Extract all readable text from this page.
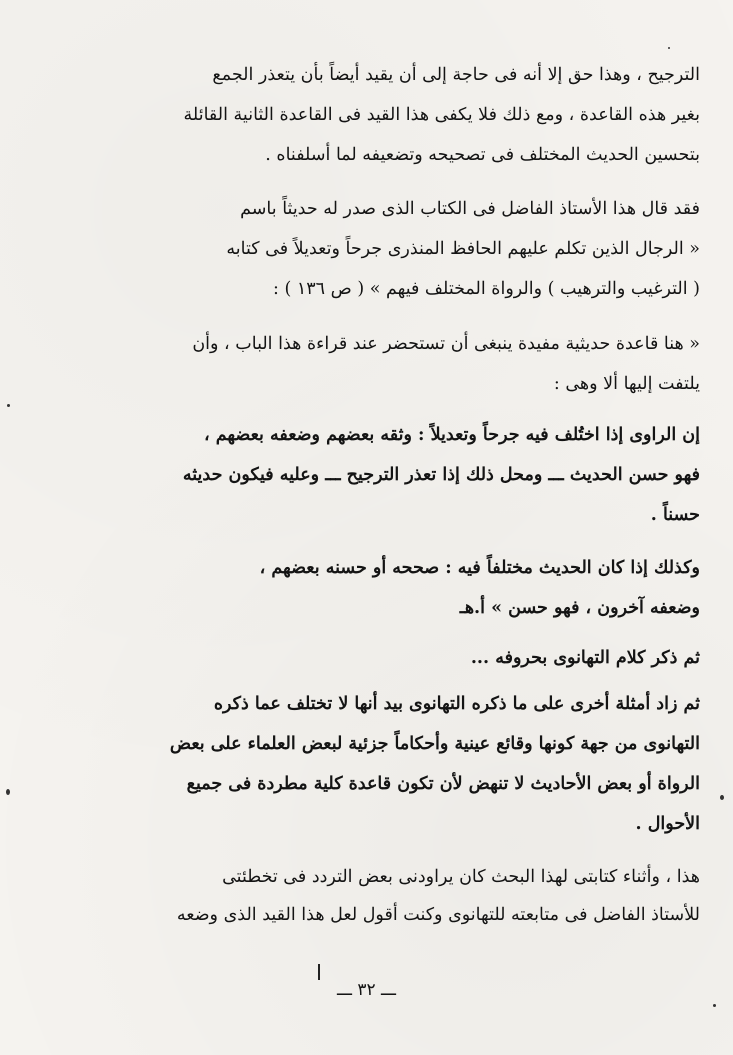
الترجيح ، وهذا حق إلا أنه فى حاجة إلى أن يقيد أيضاً بأن يتعذر الجمع
بغير هذه القاعدة ، ومع ذلك فلا يكفى هذا القيد فى القاعدة الثانية القائلة
بتحسين الحديث المختلف فى تصحيحه وتضعيفه لما أسلفناه .
فقد قال هذا الأستاذ الفاضل فى الكتاب الذى صدر له حديثاً باسم
« الرجال الذين تكلم عليهم الحافظ المنذرى جرحاً وتعديلاً فى كتابه
( الترغيب والترهيب ) والرواة المختلف فيهم » ( ص ١٣٦ ) :
« هنا قاعدة حديثية مفيدة ينبغى أن تستحضر عند قراءة هذا الباب ، وأن
يلتفت إليها ألا وهى :
إن الراوى إذا اختُلف فيه جرحاً وتعديلاً : وثقه بعضهم وضعفه بعضهم ،
فهو حسن الحديث ـــ ومحل ذلك إذا تعذر الترجيح ـــ وعليه فيكون حديثه
حسناً .
وكذلك إذا كان الحديث مختلفاً فيه : صححه أو حسنه بعضهم ،
وضعفه آخرون ، فهو حسن » أ.هـ
ثم ذكر كلام التهانوى بحروفه ...
ثم زاد أمثلة أخرى على ما ذكره التهانوى بيد أنها لا تختلف عما ذكره
التهانوى من جهة كونها وقائع عينية وأحكاماً جزئية لبعض العلماء على بعض
الرواة أو بعض الأحاديث لا تنهض لأن تكون قاعدة كلية مطردة فى جميع
الأحوال .
هذا ، وأثناء كتابتى لهذا البحث كان يراودنى بعض التردد فى تخطئتى
للأستاذ الفاضل فى متابعته للتهانوى وكنت أقول لعل هذا القيد الذى وضعه
ـــ ٣٢ ـــ
